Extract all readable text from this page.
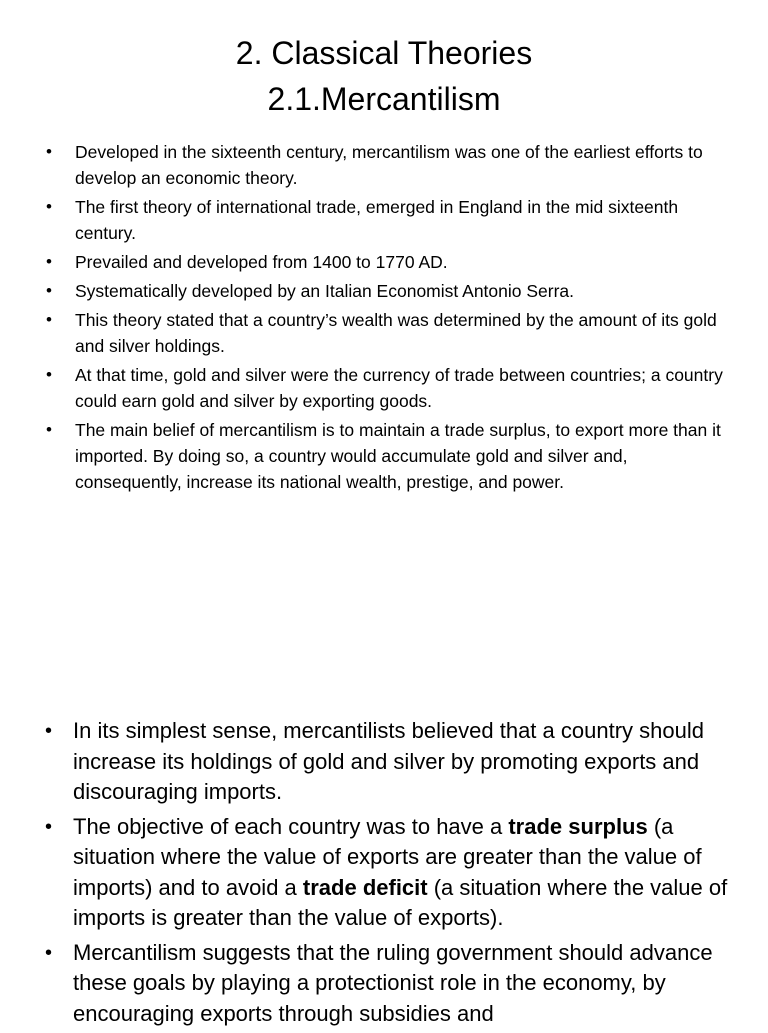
2. Classical Theories
2.1.Mercantilism
• Developed in the sixteenth century, mercantilism was one of the earliest efforts to develop an economic theory.
• The first theory of international trade, emerged in England in the mid sixteenth century.
• Prevailed and developed from 1400 to 1770 AD.
• Systematically developed by an Italian Economist Antonio Serra.
• This theory stated that a country’s wealth was determined by the amount of its gold and silver holdings.
• At that time, gold and silver were the currency of trade between countries; a country could earn gold and silver by exporting goods.
• The main belief of mercantilism is to maintain a trade surplus, to export more than it imported. By doing so, a country would accumulate gold and silver and, consequently, increase its national wealth, prestige, and power.
• In its simplest sense, mercantilists believed that a country should increase its holdings of gold and silver by promoting exports and discouraging imports.
• The objective of each country was to have a trade surplus (a situation where the value of exports are greater than the value of imports) and to avoid a trade deficit (a situation where the value of imports is greater than the value of exports).
• Mercantilism suggests that the ruling government should advance these goals by playing a protectionist role in the economy, by encouraging exports through subsidies and
